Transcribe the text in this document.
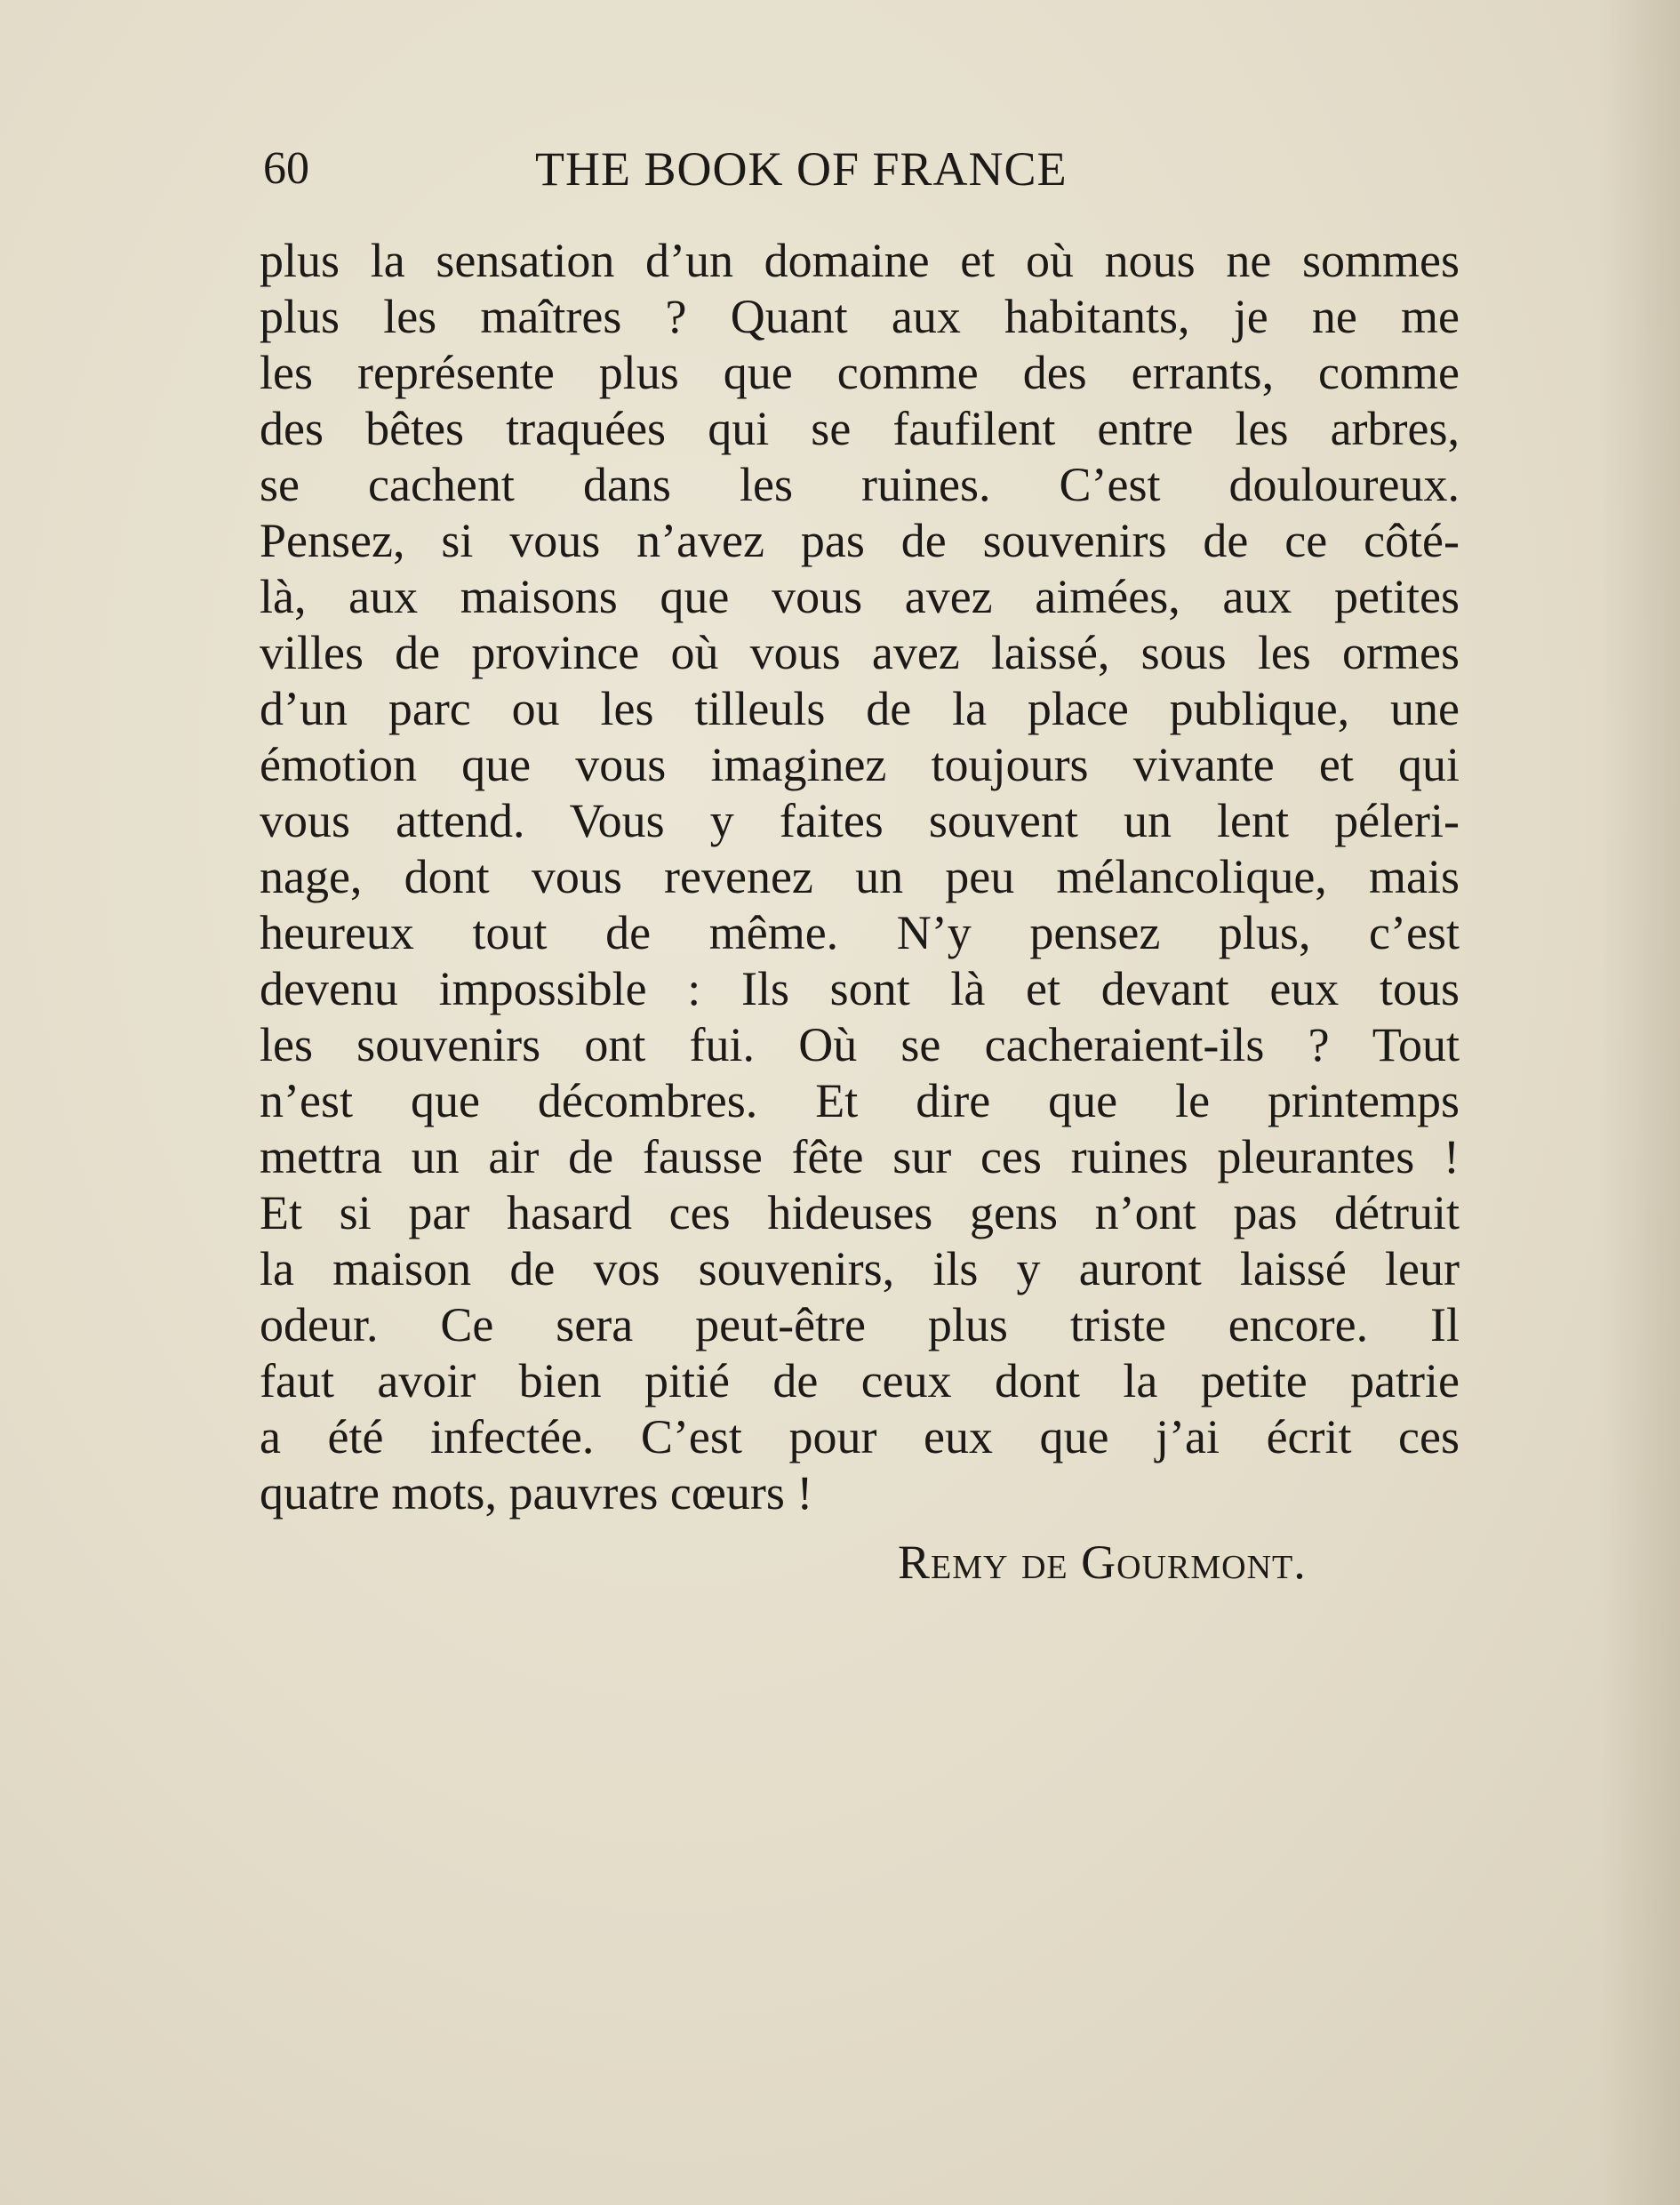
60	THE BOOK OF FRANCE
plus la sensation d’un domaine et où nous ne sommes
plus les maîtres ? Quant aux habitants, je ne me
les représente plus que comme des errants, comme
des bêtes traquées qui se faufilent entre les arbres,
se cachent dans les ruines. C’est douloureux.
Pensez, si vous n’avez pas de souvenirs de ce côté-
là, aux maisons que vous avez aimées, aux petites
villes de province où vous avez laissé, sous les ormes
d’un parc ou les tilleuls de la place publique, une
émotion que vous imaginez toujours vivante et qui
vous attend. Vous y faites souvent un lent péleri-
nage, dont vous revenez un peu mélancolique, mais
heureux tout de même. N’y pensez plus, c’est
devenu impossible : Ils sont là et devant eux tous
les souvenirs ont fui. Où se cacheraient-ils ? Tout
n’est que décombres. Et dire que le printemps
mettra un air de fausse fête sur ces ruines pleurantes !
Et si par hasard ces hideuses gens n’ont pas détruit
la maison de vos souvenirs, ils y auront laissé leur
odeur. Ce sera peut-être plus triste encore. Il
faut avoir bien pitié de ceux dont la petite patrie
a été infectée. C’est pour eux que j’ai écrit ces
quatre mots, pauvres cœurs !
Remy de Gourmont.
